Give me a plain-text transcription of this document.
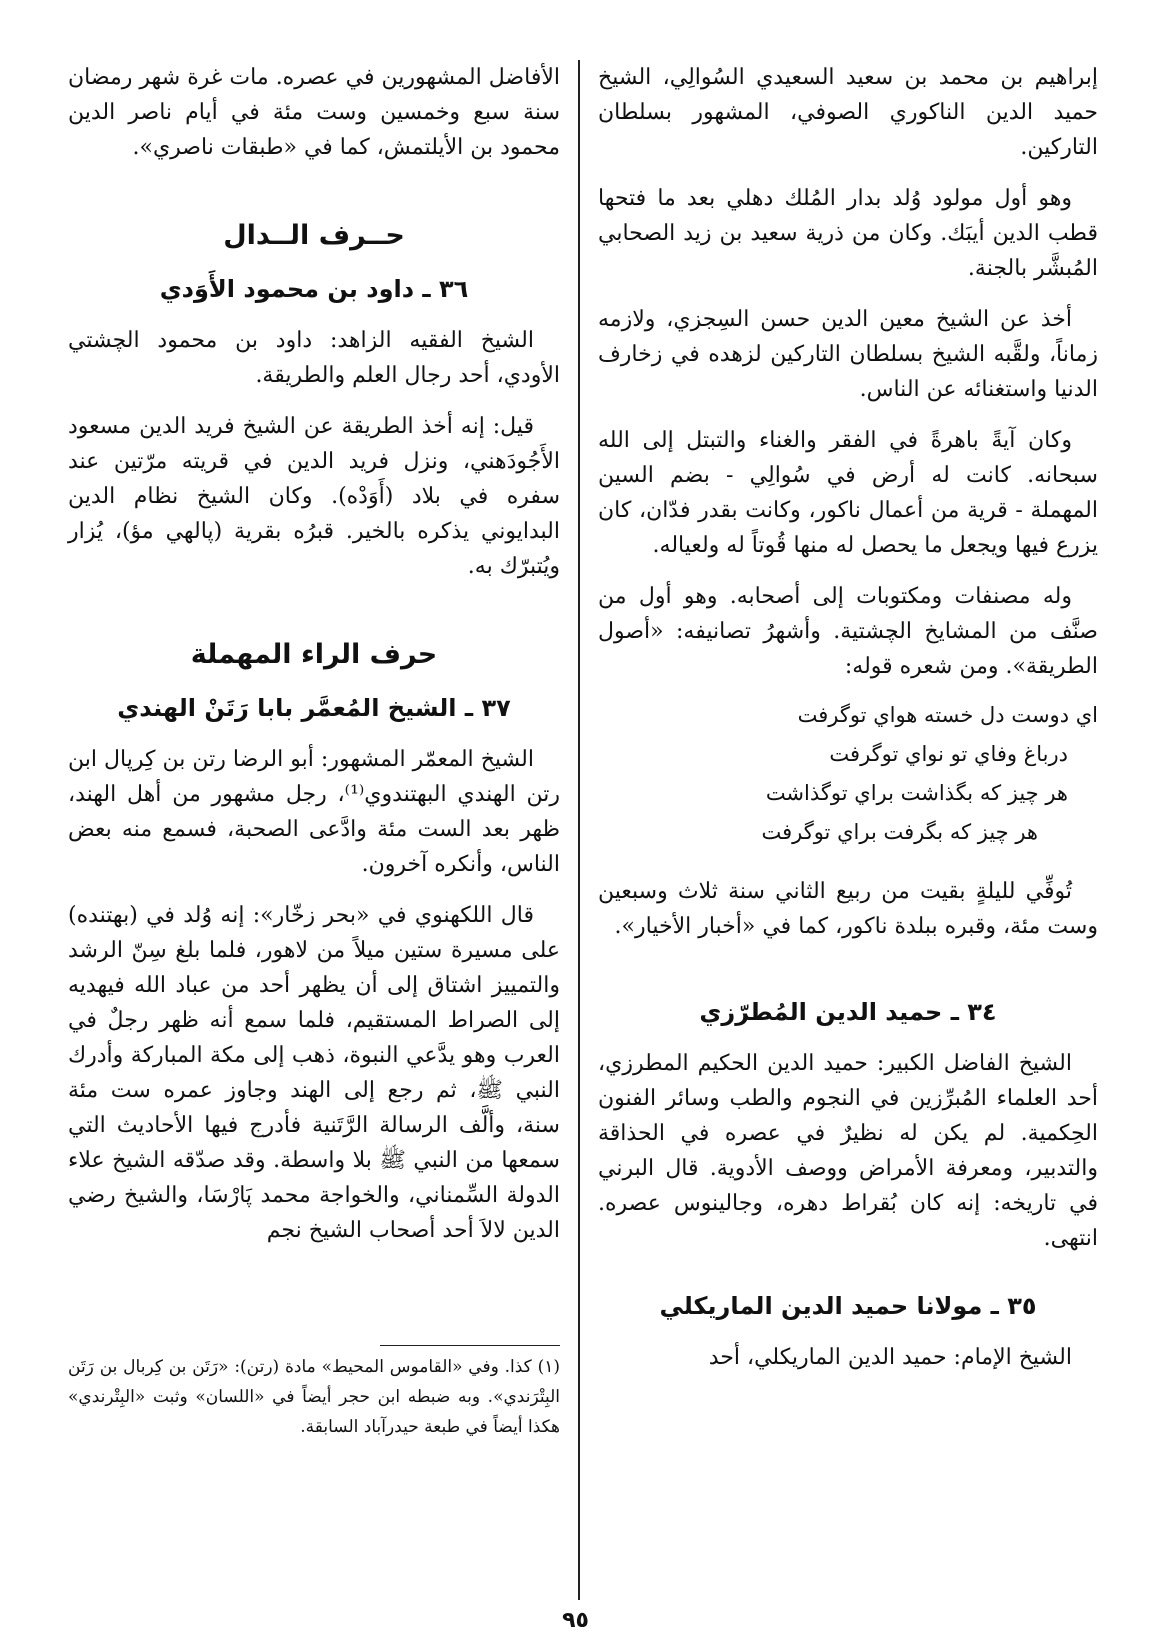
إبراهيم بن محمد بن سعيد السعيدي السُوالِي، الشيخ حميد الدين الناكوري الصوفي، المشهور بسلطان التاركين.

وهو أول مولود وُلد بدار المُلك دهلي بعد ما فتحها قطب الدين أيبَك. وكان من ذرية سعيد بن زيد الصحابي المُبشَّر بالجنة.

أخذ عن الشيخ معين الدين حسن السِجزي، ولازمه زماناً، ولقَّبه الشيخ بسلطان التاركين لزهده في زخارف الدنيا واستغنائه عن الناس.

وكان آيةً باهرةً في الفقر والغناء والتبتل إلى الله سبحانه. كانت له أرض في سُوالِي - بضم السين المهملة - قرية من أعمال ناكور، وكانت بقدر فدّان، كان يزرع فيها ويجعل ما يحصل له منها قُوتاً له ولعياله.

وله مصنفات ومكتوبات إلى أصحابه. وهو أول من صنَّف من المشايخ الچشتية. وأشهرُ تصانيفه: «أصول الطريقة». ومن شعره قوله:

اي دوست دل خسته هواي توگرفت
درباغ وفاي تو نواي توگرفت
هر چيز كه بگذاشت براي توگذاشت
هر چيز كه بگرفت براي توگرفت

تُوفِّي لليلةٍ بقيت من ربيع الثاني سنة ثلاث وسبعين وست مئة، وقبره ببلدة ناكور، كما في «أخبار الأخيار».

٣٤ ـ حميد الدين المُطرّزي

الشيخ الفاضل الكبير: حميد الدين الحكيم المطرزي، أحد العلماء المُبرِّزين في النجوم والطب وسائر الفنون الحِكمية. لم يكن له نظيرٌ في عصره في الحذاقة والتدبير، ومعرفة الأمراض ووصف الأدوية. قال البرني في تاريخه: إنه كان بُقراط دهره، وجالينوس عصره. انتهى.

٣٥ ـ مولانا حميد الدين الماريكلي

الشيخ الإمام: حميد الدين الماريكلي، أحد

الأفاضل المشهورين في عصره. مات غرة شهر رمضان سنة سبع وخمسين وست مئة في أيام ناصر الدين محمود بن الأيلتمش، كما في «طبقات ناصري».

حــرف الــدال
٣٦ ـ داود بن محمود الأَوَدي

الشيخ الفقيه الزاهد: داود بن محمود الچشتي الأودي، أحد رجال العلم والطريقة.

قيل: إنه أخذ الطريقة عن الشيخ فريد الدين مسعود الأَجُودَهني، ونزل فريد الدين في قريته مرّتين عند سفره في بلاد (أَوَدْه). وكان الشيخ نظام الدين البدايوني يذكره بالخير. قبرُه بقرية (پالهي مؤ)، يُزار ويُتبرّك به.

حرف الراء المهملة
٣٧ ـ الشيخ المُعمَّر بابا رَتَنْ الهندي

الشيخ المعمّر المشهور: أبو الرضا رتن بن كِرپال ابن رتن الهندي البهتندوي⁽¹⁾، رجل مشهور من أهل الهند، ظهر بعد الست مئة وادَّعى الصحبة، فسمع منه بعض الناس، وأنكره آخرون.

قال اللكهنوي في «بحر زخّار»: إنه وُلد في (بهتنده) على مسيرة ستين ميلاً من لاهور، فلما بلغ سِنّ الرشد والتمييز اشتاق إلى أن يظهر أحد من عباد الله فيهديه إلى الصراط المستقيم، فلما سمع أنه ظهر رجلٌ في العرب وهو يدَّعي النبوة، ذهب إلى مكة المباركة وأدرك النبي ﷺ، ثم رجع إلى الهند وجاوز عمره ست مئة سنة، وألَّف الرسالة الرَّتَنية فأدرج فيها الأحاديث التي سمعها من النبي ﷺ بلا واسطة. وقد صدّقه الشيخ علاء الدولة السِّمناني، والخواجة محمد پَارْسَا، والشيخ رضي الدين لالاَ أحد أصحاب الشيخ نجم

(١) كذا. وفي «القاموس المحيط» مادة (رتن): «رَتَن بن كِربال بن رَتَن البِتْرَندي». وبه ضبطه ابن حجر أيضاً في «اللسان» وثبت «البِتْرندي» هكذا أيضاً في طبعة حيدرآباد السابقة.
٩٥
